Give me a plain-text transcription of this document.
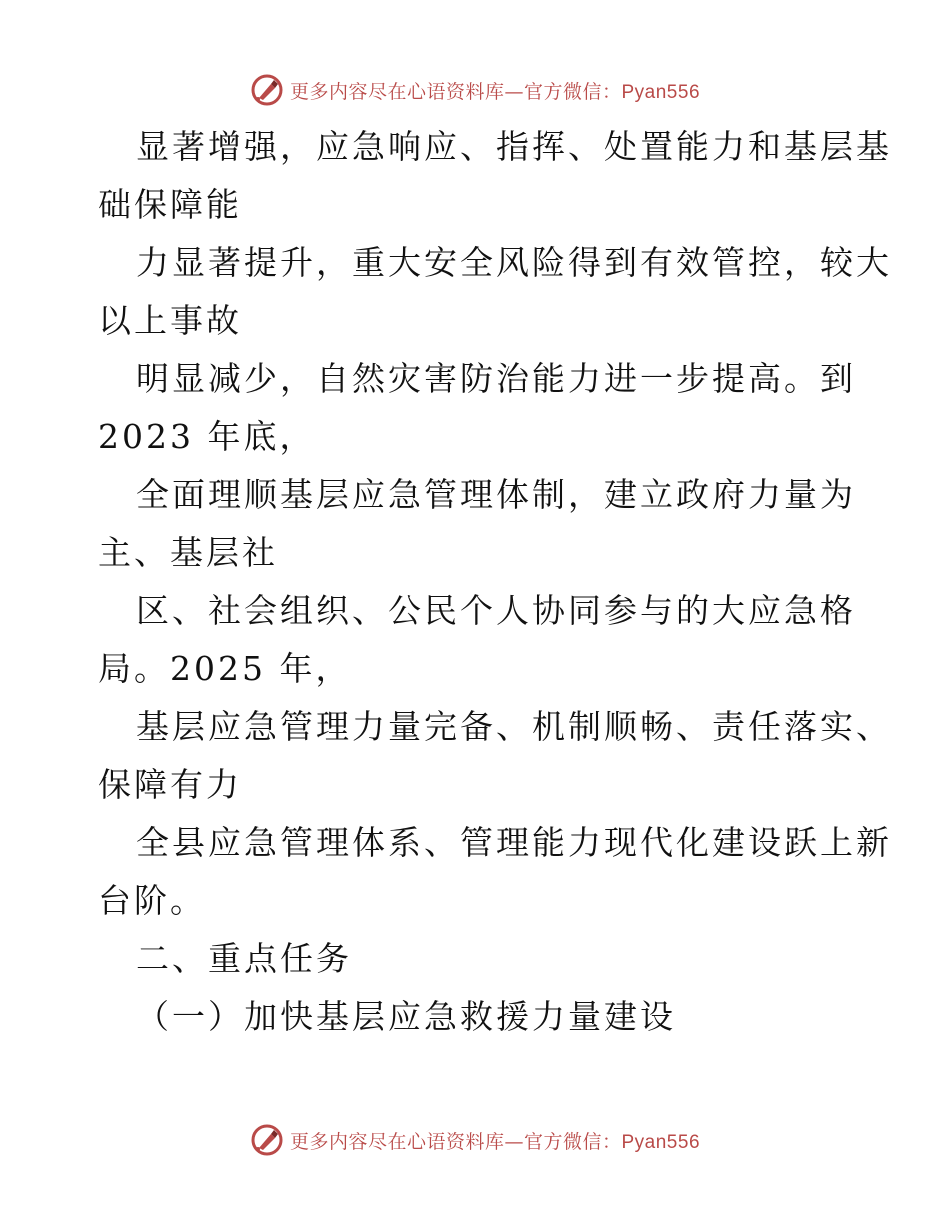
更多内容尽在心语资料库—官方微信：Pyan556
显著增强，应急响应、指挥、处置能力和基层基
础保障能
力显著提升，重大安全风险得到有效管控，较大
以上事故
明显减少，自然灾害防治能力进一步提高。到
2023 年底，
全面理顺基层应急管理体制，建立政府力量为
主、基层社
区、社会组织、公民个人协同参与的大应急格
局。2025 年，
基层应急管理力量完备、机制顺畅、责任落实、
保障有力
全县应急管理体系、管理能力现代化建设跃上新
台阶。
二、重点任务
（一）加快基层应急救援力量建设
更多内容尽在心语资料库—官方微信：Pyan556
